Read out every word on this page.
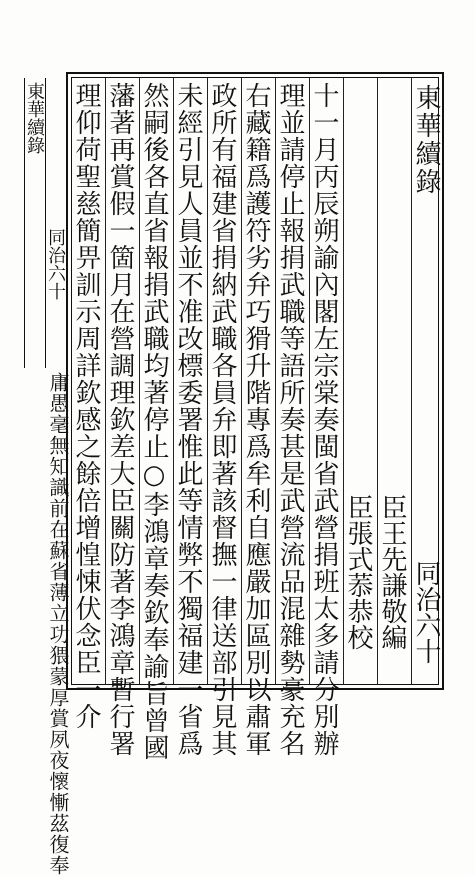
東華續錄
同治六十
東華續錄
同治六十
臣王先謙敬編
臣張式菾恭校
十一月丙辰朔諭內閣左宗棠奏閩省武營捐班太多請分別辦
理並請停止報捐武職等語所奏甚是武營流品混雜勢豪充名
右藏籍爲護符劣弁巧猾升階專爲牟利自應嚴加區別以肅軍
政所有福建省捐納武職各員弁即著該督撫一律送部引見其
未經引見人員並不准改標委署惟此等情弊不獨福建一省爲
然嗣後各直省報捐武職均著停止○李鴻章奏欽奉諭旨曾國
藩著再賞假一箇月在營調理欽差大臣關防著李鴻章暫行署
理仰荷聖慈簡畀訓示周詳欽感之餘倍增惶悚伏念臣一介
庸愚毫無知識前在蘇省薄立功猥蒙厚賞夙夜懷慚茲復奉
